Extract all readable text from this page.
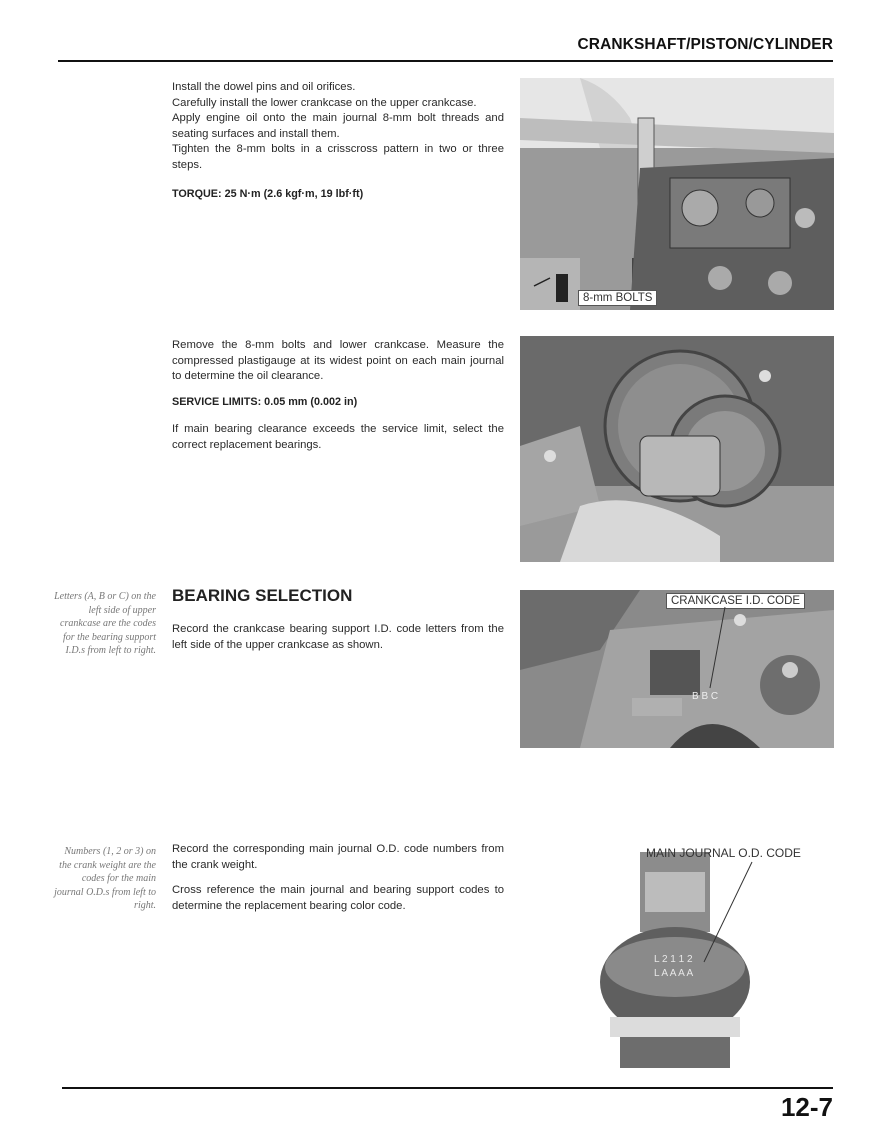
CRANKSHAFT/PISTON/CYLINDER

Install the dowel pins and oil orifices.

Carefully install the lower crankcase on the upper crankcase.

Apply engine oil onto the main journal 8-mm bolt threads and seating surfaces and install them.

Tighten the 8-mm bolts in a crisscross pattern in two or three steps.

TORQUE: 25 N·m (2.6 kgf·m, 19 lbf·ft)

8-mm BOLTS

Remove the 8-mm bolts and lower crankcase. Measure the compressed plastigauge at its widest point on each main journal to determine the oil clearance.

SERVICE LIMITS: 0.05 mm (0.002 in)

If main bearing clearance exceeds the service limit, select the correct replacement bearings.

BEARING SELECTION
Letters (A, B or C) on the left side of upper crankcase are the codes for the bearing support I.D.s from left to right.

Record the crankcase bearing support I.D. code letters from the left side of the upper crankcase as shown.

CRANKCASE I.D. CODE
B B C
Numbers (1, 2 or 3) on the crank weight are the codes for the main journal O.D.s from left to right.

Record the corresponding main journal O.D. code numbers from the crank weight.

Cross reference the main journal and bearing support codes to determine the replacement bearing color code.

L 2 1 1 2
L A A A A
MAIN JOURNAL O.D. CODE
12-7
